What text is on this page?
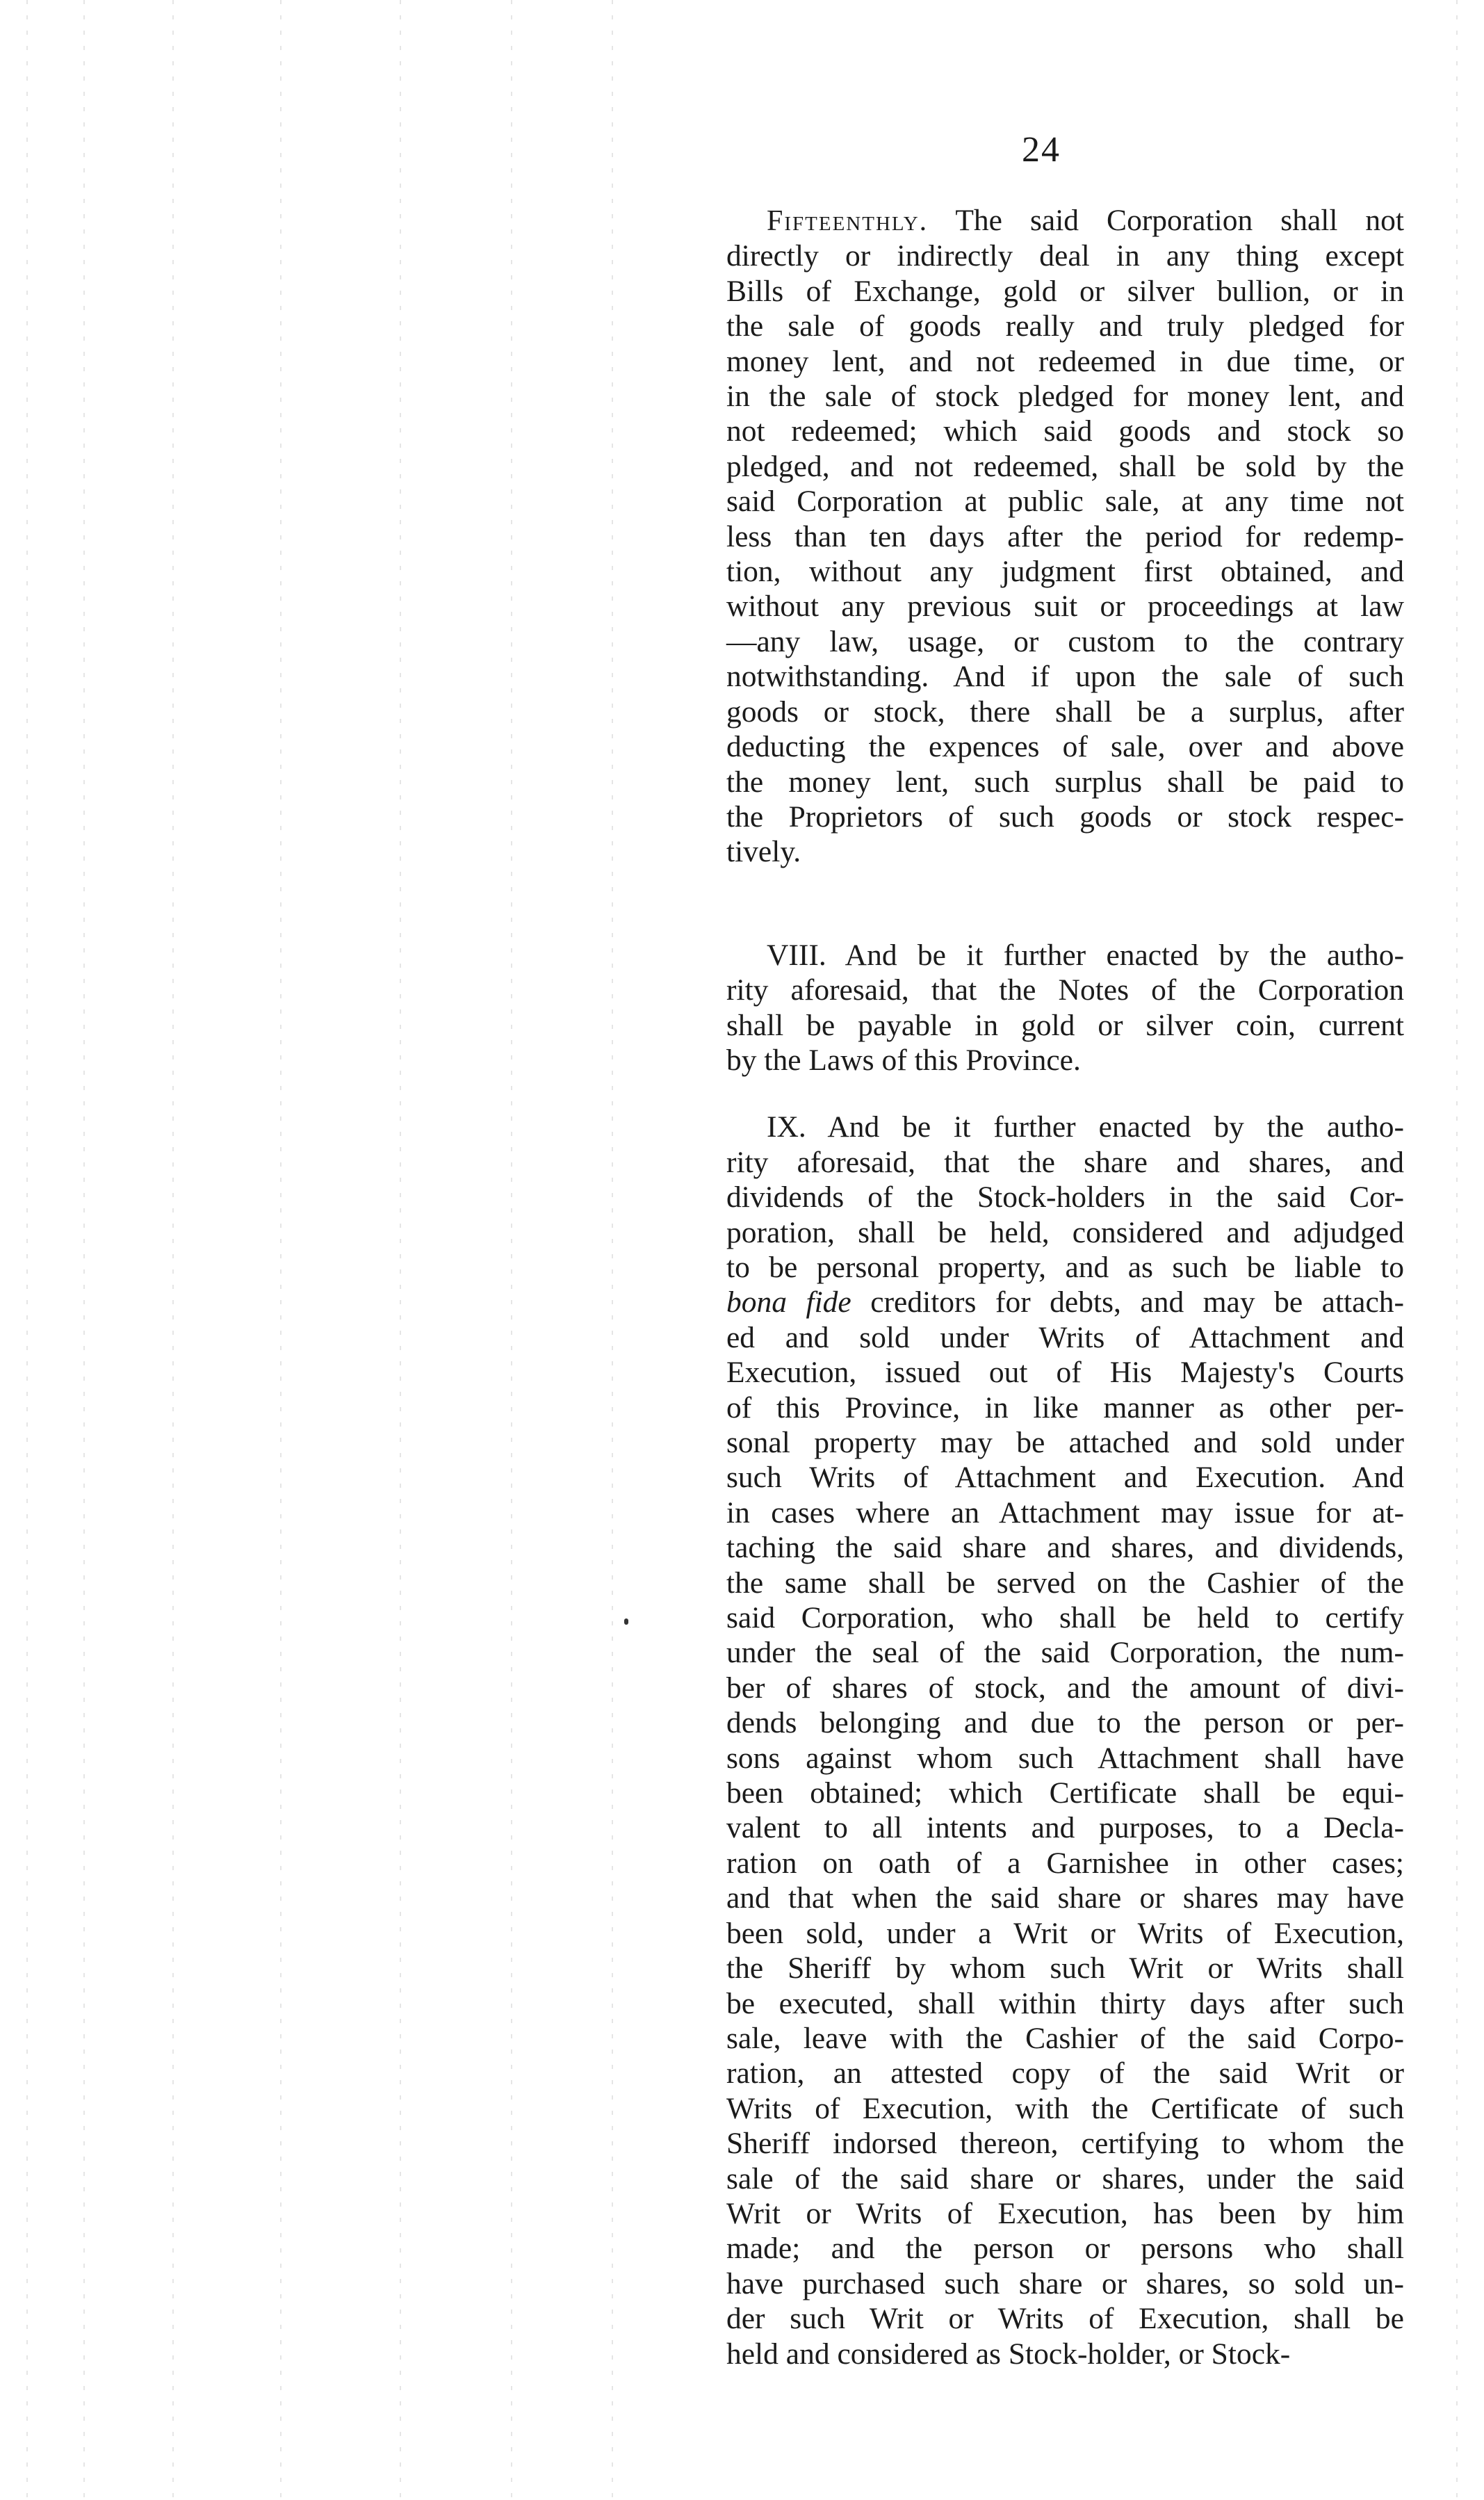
24
Fifteenthly. The said Corporation shall not
directly or indirectly deal in any thing except
Bills of Exchange, gold or silver bullion, or in
the sale of goods really and truly pledged for
money lent, and not redeemed in due time, or
in the sale of stock pledged for money lent, and
not redeemed; which said goods and stock so
pledged, and not redeemed, shall be sold by the
said Corporation at public sale, at any time not
less than ten days after the period for redemp-
tion, without any judgment first obtained, and
without any previous suit or proceedings at law
—any law, usage, or custom to the contrary
notwithstanding. And if upon the sale of such
goods or stock, there shall be a surplus, after
deducting the expences of sale, over and above
the money lent, such surplus shall be paid to
the Proprietors of such goods or stock respec-
tively.
VIII. And be it further enacted by the autho-
rity aforesaid, that the Notes of the Corporation
shall be payable in gold or silver coin, current
by the Laws of this Province.
IX. And be it further enacted by the autho-
rity aforesaid, that the share and shares, and
dividends of the Stock-holders in the said Cor-
poration, shall be held, considered and adjudged
to be personal property, and as such be liable to
bona fide creditors for debts, and may be attach-
ed and sold under Writs of Attachment and
Execution, issued out of His Majesty's Courts
of this Province, in like manner as other per-
sonal property may be attached and sold under
such Writs of Attachment and Execution. And
in cases where an Attachment may issue for at-
taching the said share and shares, and dividends,
the same shall be served on the Cashier of the
said Corporation, who shall be held to certify
under the seal of the said Corporation, the num-
ber of shares of stock, and the amount of divi-
dends belonging and due to the person or per-
sons against whom such Attachment shall have
been obtained; which Certificate shall be equi-
valent to all intents and purposes, to a Decla-
ration on oath of a Garnishee in other cases;
and that when the said share or shares may have
been sold, under a Writ or Writs of Execution,
the Sheriff by whom such Writ or Writs shall
be executed, shall within thirty days after such
sale, leave with the Cashier of the said Corpo-
ration, an attested copy of the said Writ or
Writs of Execution, with the Certificate of such
Sheriff indorsed thereon, certifying to whom the
sale of the said share or shares, under the said
Writ or Writs of Execution, has been by him
made; and the person or persons who shall
have purchased such share or shares, so sold un-
der such Writ or Writs of Execution, shall be
held and considered as Stock-holder, or Stock-
